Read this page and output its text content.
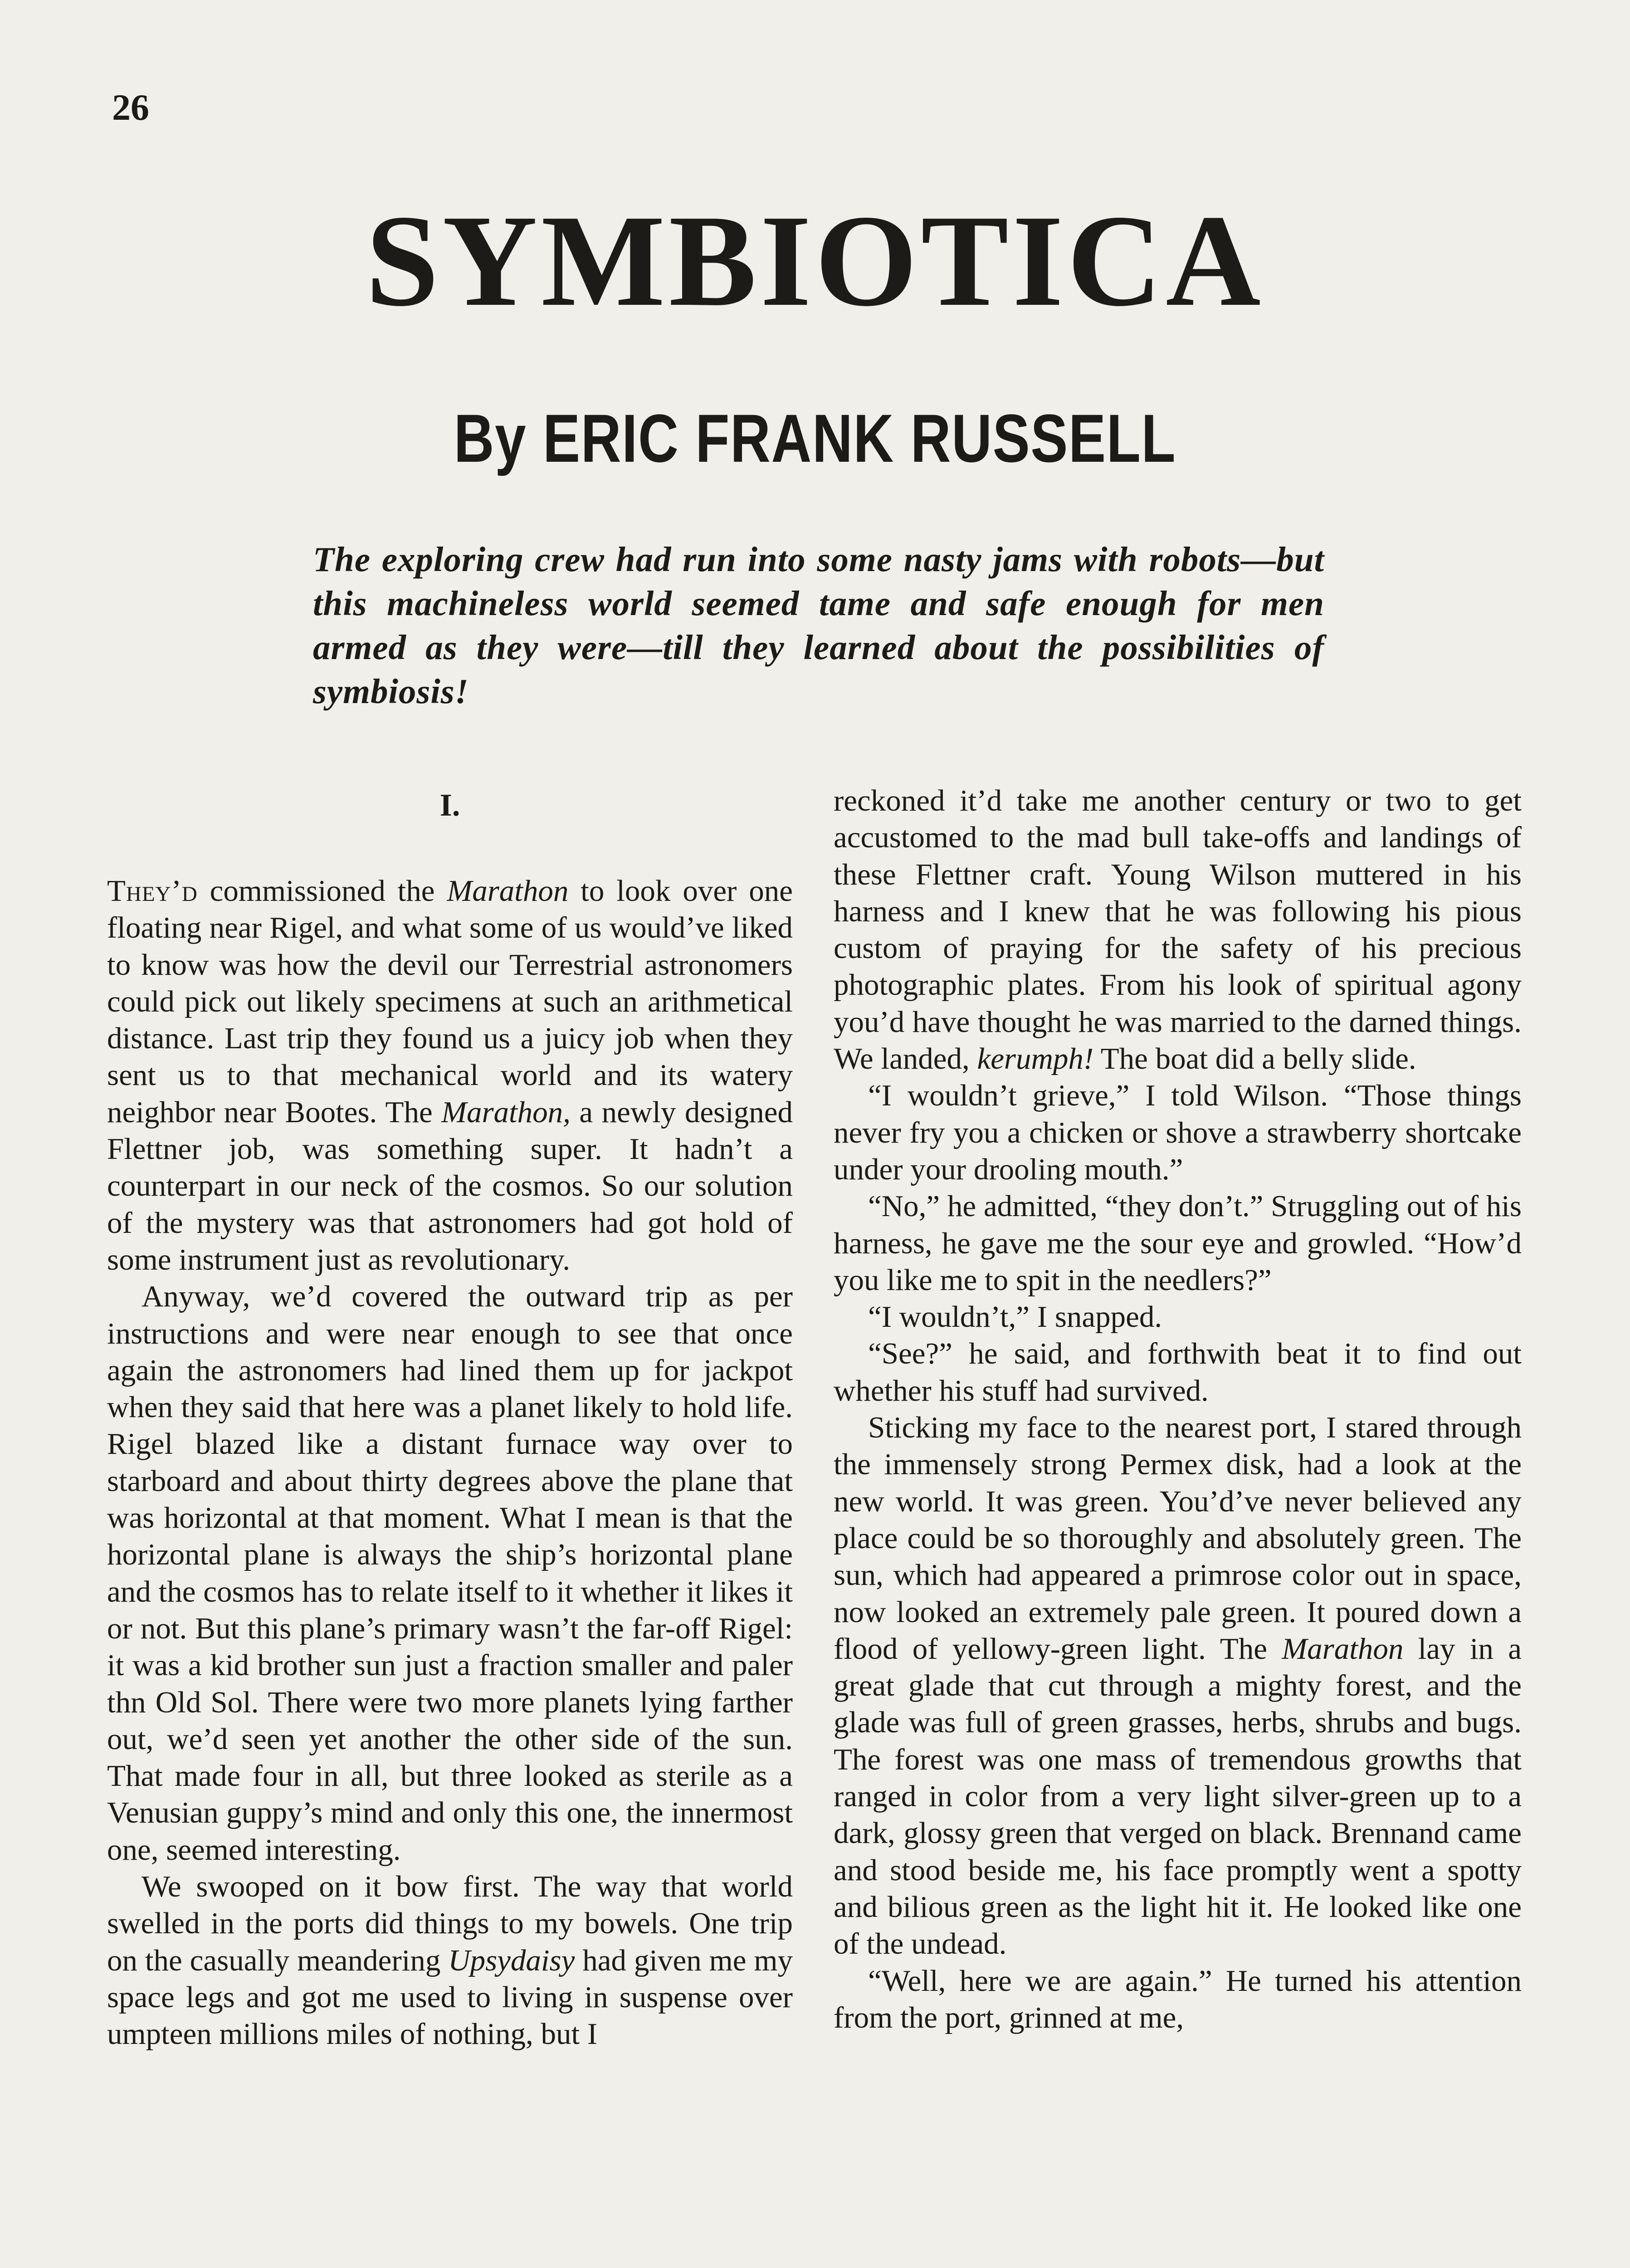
26
SYMBIOTICA
By ERIC FRANK RUSSELL
The exploring crew had run into some nasty jams with robots—but this machineless world seemed tame and safe enough for men armed as they were—till they learned about the possibilities of symbiosis!
I.

They’d commissioned the Marathon to look over one floating near Rigel, and what some of us would’ve liked to know was how the devil our Terrestrial astronomers could pick out likely specimens at such an arithmetical distance. Last trip they found us a juicy job when they sent us to that mechanical world and its watery neighbor near Bootes. The Marathon, a newly designed Flettner job, was something super. It hadn’t a counterpart in our neck of the cosmos. So our solution of the mystery was that astronomers had got hold of some instrument just as revolutionary.

Anyway, we’d covered the outward trip as per instructions and were near enough to see that once again the astronomers had lined them up for jackpot when they said that here was a planet likely to hold life. Rigel blazed like a distant furnace way over to starboard and about thirty degrees above the plane that was horizontal at that moment. What I mean is that the horizontal plane is always the ship’s horizontal plane and the cosmos has to relate itself to it whether it likes it or not. But this plane’s primary wasn’t the far-off Rigel: it was a kid brother sun just a fraction smaller and paler thn Old Sol. There were two more planets lying farther out, we’d seen yet another the other side of the sun. That made four in all, but three looked as sterile as a Venusian guppy’s mind and only this one, the innermost one, seemed interesting.

We swooped on it bow first. The way that world swelled in the ports did things to my bowels. One trip on the casually meandering Upsydaisy had given me my space legs and got me used to living in suspense over umpteen millions miles of nothing, but I

reckoned it’d take me another century or two to get accustomed to the mad bull take-offs and landings of these Flettner craft. Young Wilson muttered in his harness and I knew that he was following his pious custom of praying for the safety of his precious photographic plates. From his look of spiritual agony you’d have thought he was married to the darned things. We landed, kerumph! The boat did a belly slide.

“I wouldn’t grieve,” I told Wilson. “Those things never fry you a chicken or shove a strawberry shortcake under your drooling mouth.”

“No,” he admitted, “they don’t.” Struggling out of his harness, he gave me the sour eye and growled. “How’d you like me to spit in the needlers?”

“I wouldn’t,” I snapped.

“See?” he said, and forthwith beat it to find out whether his stuff had survived.

Sticking my face to the nearest port, I stared through the immensely strong Permex disk, had a look at the new world. It was green. You’d’ve never believed any place could be so thoroughly and absolutely green. The sun, which had appeared a primrose color out in space, now looked an extremely pale green. It poured down a flood of yellowy-green light. The Marathon lay in a great glade that cut through a mighty forest, and the glade was full of green grasses, herbs, shrubs and bugs. The forest was one mass of tremendous growths that ranged in color from a very light silver-green up to a dark, glossy green that verged on black. Brennand came and stood beside me, his face promptly went a spotty and bilious green as the light hit it. He looked like one of the undead.

“Well, here we are again.” He turned his attention from the port, grinned at me,
